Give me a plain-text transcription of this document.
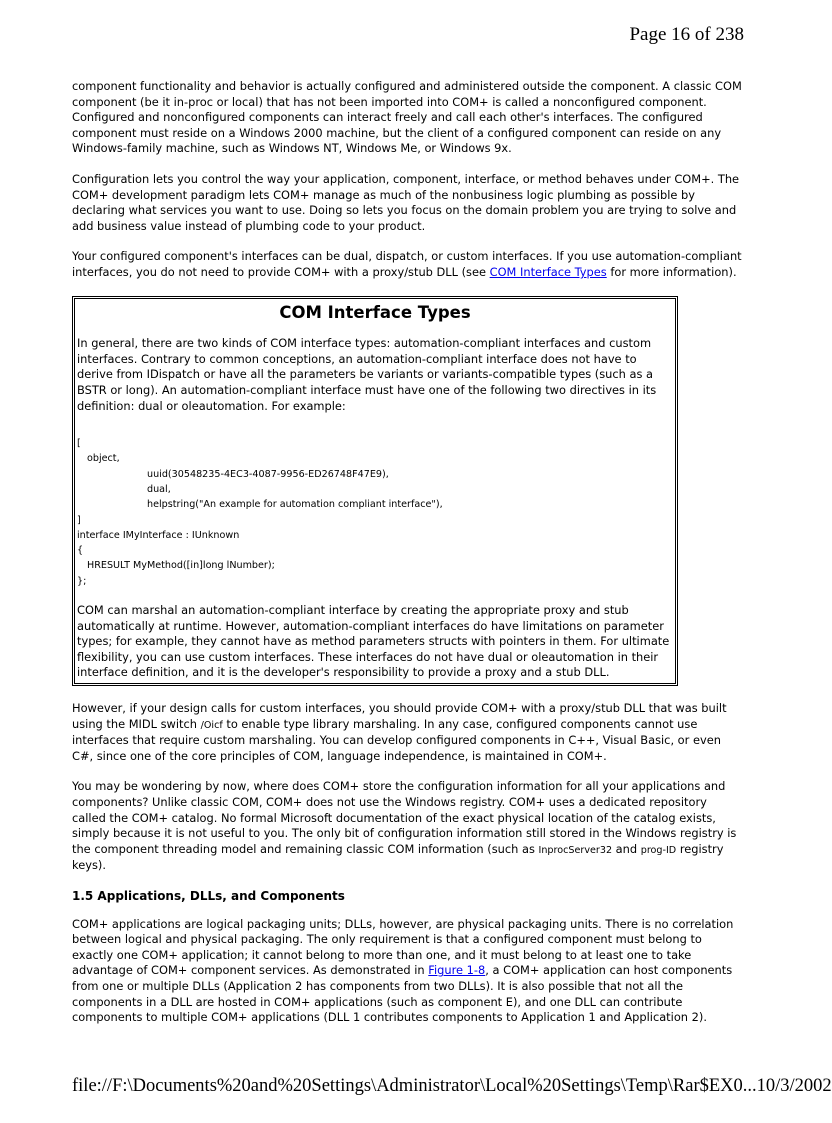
Page 16 of 238

component functionality and behavior is actually configured and administered outside the component. A classic COM component (be it in-proc or local) that has not been imported into COM+ is called a nonconfigured component. Configured and nonconfigured components can interact freely and call each other's interfaces. The configured component must reside on a Windows 2000 machine, but the client of a configured component can reside on any Windows-family machine, such as Windows NT, Windows Me, or Windows 9x.

Configuration lets you control the way your application, component, interface, or method behaves under COM+. The COM+ development paradigm lets COM+ manage as much of the nonbusiness logic plumbing as possible by declaring what services you want to use. Doing so lets you focus on the domain problem you are trying to solve and add business value instead of plumbing code to your product.

Your configured component's interfaces can be dual, dispatch, or custom interfaces. If you use automation-compliant interfaces, you do not need to provide COM+ with a proxy/stub DLL (see COM Interface Types for more information).

COM Interface Types

In general, there are two kinds of COM interface types: automation-compliant interfaces and custom interfaces. Contrary to common conceptions, an automation-compliant interface does not have to derive from IDispatch or have all the parameters be variants or variants-compatible types (such as a BSTR or long). An automation-compliant interface must have one of the following two directives in its definition: dual or oleautomation. For example:

[
object,
uuid(30548235-4EC3-4087-9956-ED26748F47E9),
dual,
helpstring("An example for automation compliant interface"),
]
interface IMyInterface : IUnknown
{
HRESULT MyMethod([in]long lNumber);
};

COM can marshal an automation-compliant interface by creating the appropriate proxy and stub automatically at runtime. However, automation-compliant interfaces do have limitations on parameter types; for example, they cannot have as method parameters structs with pointers in them. For ultimate flexibility, you can use custom interfaces. These interfaces do not have dual or oleautomation in their interface definition, and it is the developer's responsibility to provide a proxy and a stub DLL.

However, if your design calls for custom interfaces, you should provide COM+ with a proxy/stub DLL that was built using the MIDL switch /Oicf to enable type library marshaling. In any case, configured components cannot use interfaces that require custom marshaling. You can develop configured components in C++, Visual Basic, or even C#, since one of the core principles of COM, language independence, is maintained in COM+.

You may be wondering by now, where does COM+ store the configuration information for all your applications and components? Unlike classic COM, COM+ does not use the Windows registry. COM+ uses a dedicated repository called the COM+ catalog. No formal Microsoft documentation of the exact physical location of the catalog exists, simply because it is not useful to you. The only bit of configuration information still stored in the Windows registry is the component threading model and remaining classic COM information (such as InprocServer32 and prog-ID registry keys).

1.5 Applications, DLLs, and Components

COM+ applications are logical packaging units; DLLs, however, are physical packaging units. There is no correlation between logical and physical packaging. The only requirement is that a configured component must belong to exactly one COM+ application; it cannot belong to more than one, and it must belong to at least one to take advantage of COM+ component services. As demonstrated in Figure 1-8, a COM+ application can host components from one or multiple DLLs (Application 2 has components from two DLLs). It is also possible that not all the components in a DLL are hosted in COM+ applications (such as component E), and one DLL can contribute components to multiple COM+ applications (DLL 1 contributes components to Application 1 and Application 2).

file://F:\Documents%20and%20Settings\Administrator\Local%20Settings\Temp\Rar$EX0... 10/3/2002
